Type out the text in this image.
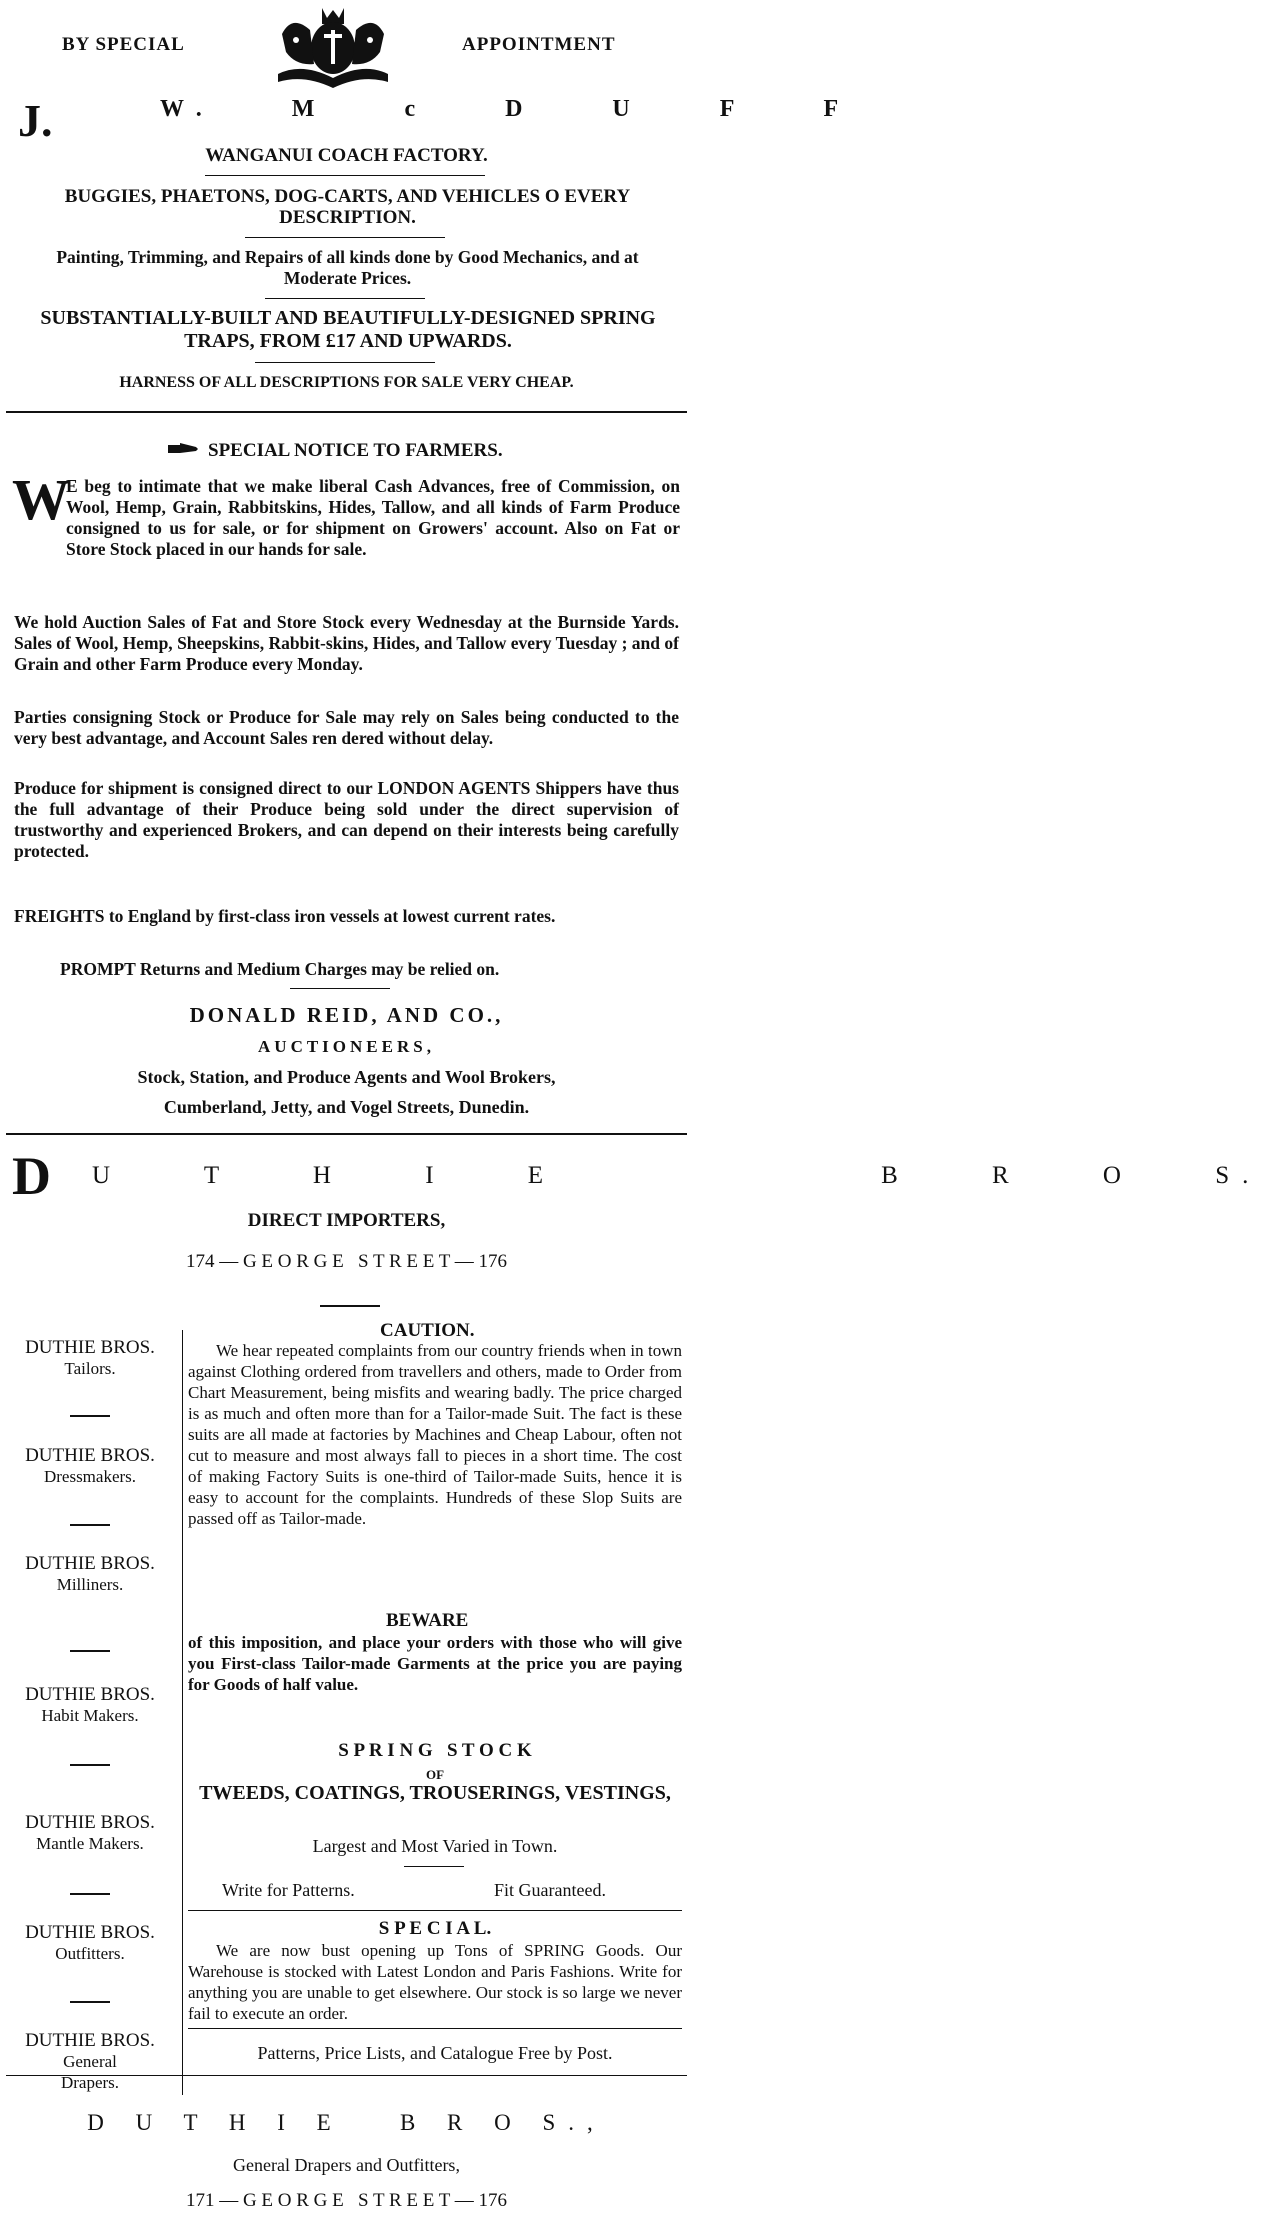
BY SPECIAL	APPOINTMENT
J.	W. M c D U F F
WANGANUI COACH FACTORY.
BUGGIES, PHAETONS, DOG-CARTS, AND VEHICLES O EVERY DESCRIPTION.
Painting, Trimming, and Repairs of all kinds done by Good Mechanics, and at Moderate Prices.
SUBSTANTIALLY-BUILT AND BEAUTIFULLY-DESIGNED SPRING TRAPS, FROM £17 AND UPWARDS.
HARNESS OF ALL DESCRIPTIONS FOR SALE VERY CHEAP.
SPECIAL NOTICE TO FARMERS.
W

E beg to intimate that we make liberal Cash Advances, free of Commission, on Wool, Hemp, Grain, Rabbitskins, Hides, Tallow, and all kinds of Farm Produce consigned to us for sale, or for shipment on Growers' account. Also on Fat or Store Stock placed in our hands for sale.

We hold Auction Sales of Fat and Store Stock every Wednesday at the Burnside Yards. Sales of Wool, Hemp, Sheepskins, Rabbit-skins, Hides, and Tallow every Tuesday ; and of Grain and other Farm Produce every Monday.

Parties consigning Stock or Produce for Sale may rely on Sales being conducted to the very best advantage, and Account Sales ren dered without delay.

Produce for shipment is consigned direct to our LONDON AGENTS Shippers have thus the full advantage of their Produce being sold under the direct supervision of trustworthy and experienced Brokers, and can depend on their interests being carefully protected.

FREIGHTS to England by first-class iron vessels at lowest current rates.

PROMPT Returns and Medium Charges may be relied on.

DONALD REID, AND CO.,
AUCTIONEERS,
Stock, Station, and Produce Agents and Wool Brokers,
Cumberland, Jetty, and Vogel Streets, Dunedin.
D U T H I E    B R O S.
DIRECT IMPORTERS,
174 — G E O R G E   S T R E E T — 176
DUTHIE BROS.
Tailors.
DUTHIE BROS.
Dressmakers.
DUTHIE BROS.
Milliners.
DUTHIE BROS.
Habit Makers.
DUTHIE BROS.
Mantle Makers.
DUTHIE BROS.
Outfitters.
DUTHIE BROS.
General Drapers.
CAUTION.

We hear repeated complaints from our country friends when in town against Clothing ordered from travellers and others, made to Order from Chart Measurement, being misfits and wearing badly. The price charged is as much and often more than for a Tailor-made Suit. The fact is these suits are all made at factories by Machines and Cheap Labour, often not cut to measure and most always fall to pieces in a short time. The cost of making Factory Suits is one-third of Tailor-made Suits, hence it is easy to account for the complaints. Hundreds of these Slop Suits are passed off as Tailor-made.

BEWARE

of this imposition, and place your orders with those who will give you First-class Tailor-made Garments at the price you are paying for Goods of half value.

S P R I N G   S T O C K
OF
TWEEDS, COATINGS, TROUSERINGS, VESTINGS,
Largest and Most Varied in Town.
Write for Patterns.	Fit Guaranteed.
S P E C I A L.

We are now bust opening up Tons of SPRING Goods. Our Warehouse is stocked with Latest London and Paris Fashions. Write for anything you are unable to get elsewhere. Our stock is so large we never fail to execute an order.

Patterns, Price Lists, and Catalogue Free by Post.
D U T H I E   B R O S.,
General Drapers and Outfitters,
171 — G E O R G E   S T R E E T — 176
